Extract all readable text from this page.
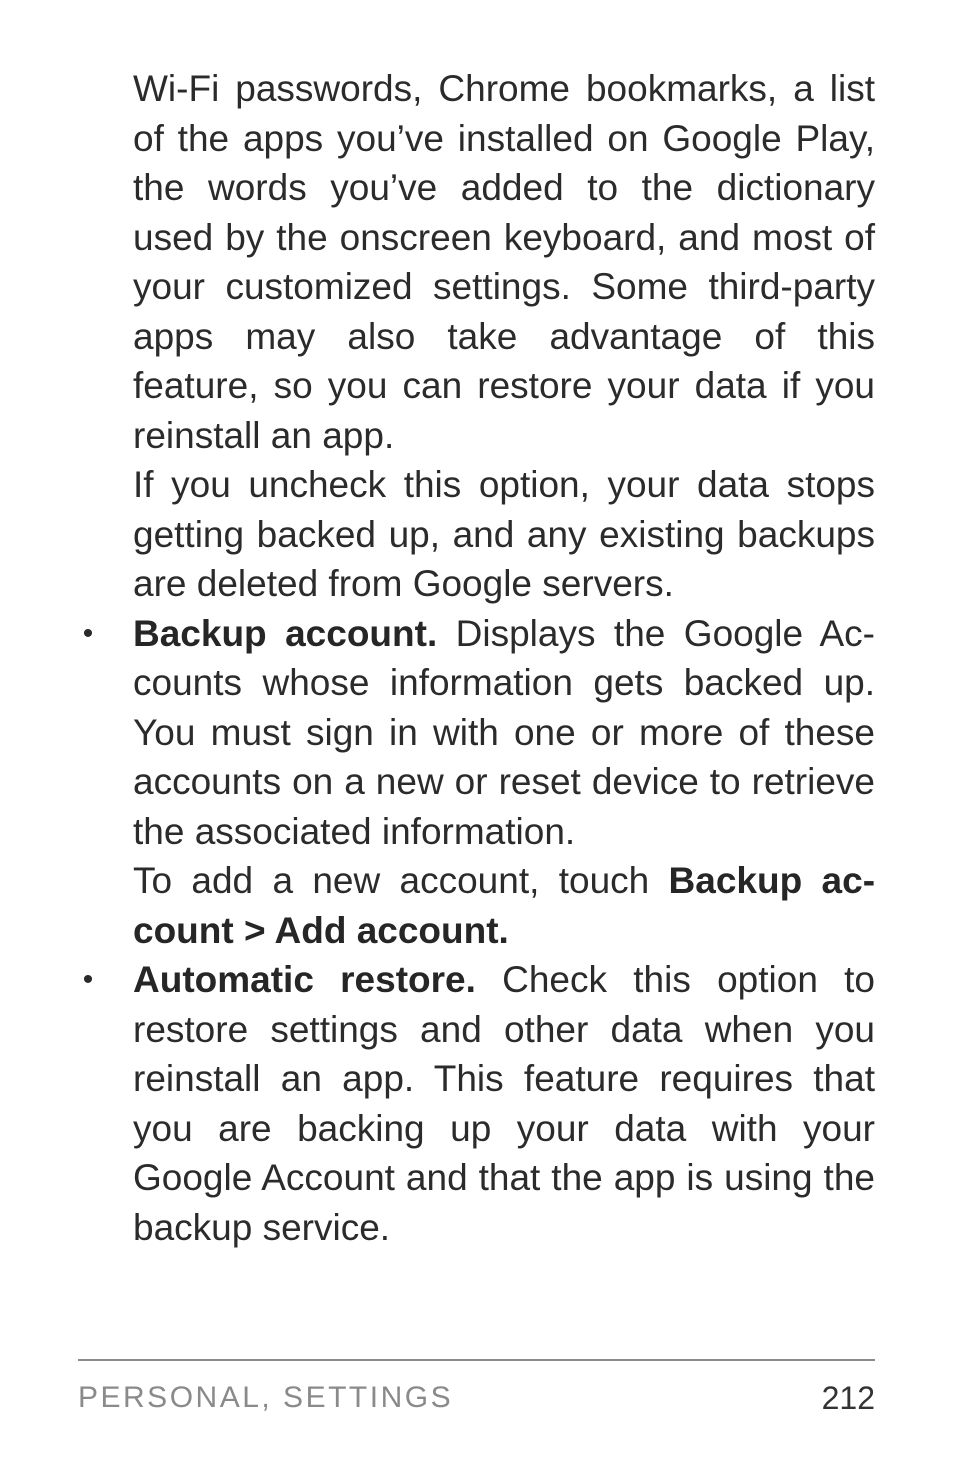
Wi-Fi passwords, Chrome bookmarks, a list of the apps you’ve installed on Google Play, the words you’ve added to the dictionary used by the onscreen keyboard, and most of your customized settings. Some third-party apps may also take advantage of this feature, so you can restore your data if you reinstall an app.

If you uncheck this option, your data stops getting backed up, and any existing backups are deleted from Google servers.

• Backup account. Displays the Google Accounts whose information gets backed up. You must sign in with one or more of these accounts on a new or reset device to retrieve the associated information.

To add a new account, touch Backup account > Add account.

• Automatic restore. Check this option to restore settings and other data when you reinstall an app. This feature requires that you are backing up your data with your Google Account and that the app is using the backup service.

PERSONAL, SETTINGS	212
